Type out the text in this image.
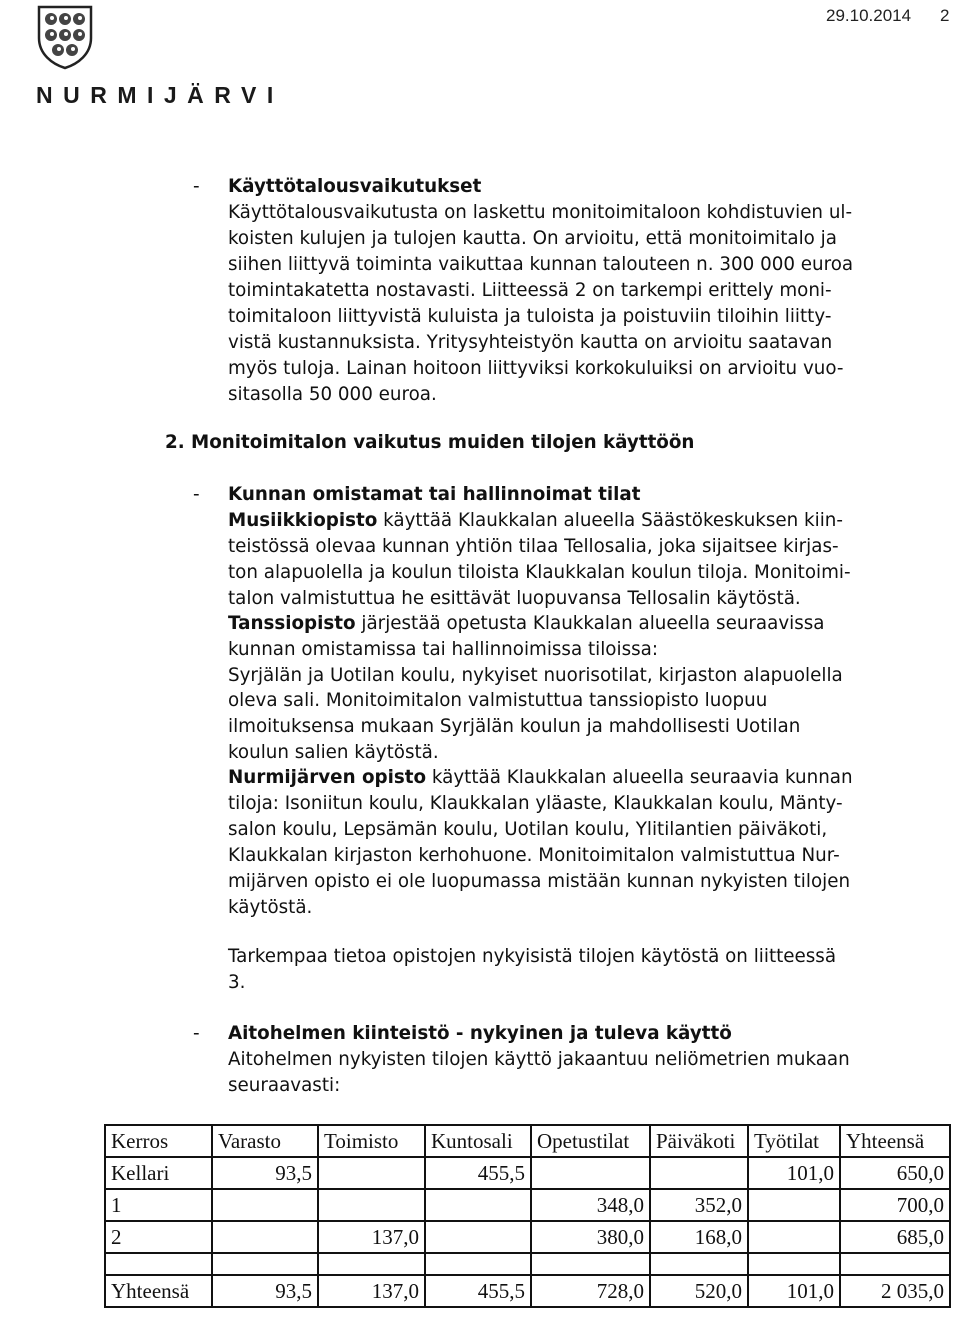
NURMIJÄRVI
29.10.2014 2
- Käyttötalousvaikutukset
Käyttötalousvaikutusta on laskettu monitoimitaloon kohdistuvien ul-
koisten kulujen ja tulojen kautta. On arvioitu, että monitoimitalo ja
siihen liittyvä toiminta vaikuttaa kunnan talouteen n. 300 000 euroa
toimintakatetta nostavasti. Liitteessä 2 on tarkempi erittely moni-
toimitaloon liittyvistä kuluista ja tuloista ja poistuviin tiloihin liitty-
vistä kustannuksista. Yritysyhteistyön kautta on arvioitu saatavan
myös tuloja. Lainan hoitoon liittyviksi korkokuluiksi on arvioitu vuo-
sitasolla 50 000 euroa.
2. Monitoimitalon vaikutus muiden tilojen käyttöön
- Kunnan omistamat tai hallinnoimat tilat
Musiikkiopisto käyttää Klaukkalan alueella Säästökeskuksen kiin-
teistössä olevaa kunnan yhtiön tilaa Tellosalia, joka sijaitsee kirjas-
ton alapuolella ja koulun tiloista Klaukkalan koulun tiloja. Monitoimi-
talon valmistuttua he esittävät luopuvansa Tellosalin käytöstä.
Tanssiopisto järjestää opetusta Klaukkalan alueella seuraavissa
kunnan omistamissa tai hallinnoimissa tiloissa:
Syrjälän ja Uotilan koulu, nykyiset nuorisotilat, kirjaston alapuolella
oleva sali. Monitoimitalon valmistuttua tanssiopisto luopuu
ilmoituksensa mukaan Syrjälän koulun ja mahdollisesti Uotilan
koulun salien käytöstä.
Nurmijärven opisto käyttää Klaukkalan alueella seuraavia kunnan
tiloja: Isoniitun koulu, Klaukkalan yläaste, Klaukkalan koulu, Mänty-
salon koulu, Lepsämän koulu, Uotilan koulu, Ylitilantien päiväkoti,
Klaukkalan kirjaston kerhohuone. Monitoimitalon valmistuttua Nur-
mijärven opisto ei ole luopumassa mistään kunnan nykyisten tilojen
käytöstä.
Tarkempaa tietoa opistojen nykyisistä tilojen käytöstä on liitteessä
3.
- Aitohelmen kiinteistö - nykyinen ja tuleva käyttö
Aitohelmen nykyisten tilojen käyttö jakaantuu neliömetrien mukaan
seuraavasti:
Kerros	Varasto	Toimisto	Kuntosali	Opetustilat	Päiväkoti	Työtilat	Yhteensä
Kellari	93,5		455,5			101,0	650,0
1				348,0	352,0		700,0
2		137,0		380,0	168,0		685,0

Yhteensä	93,5	137,0	455,5	728,0	520,0	101,0	2 035,0
